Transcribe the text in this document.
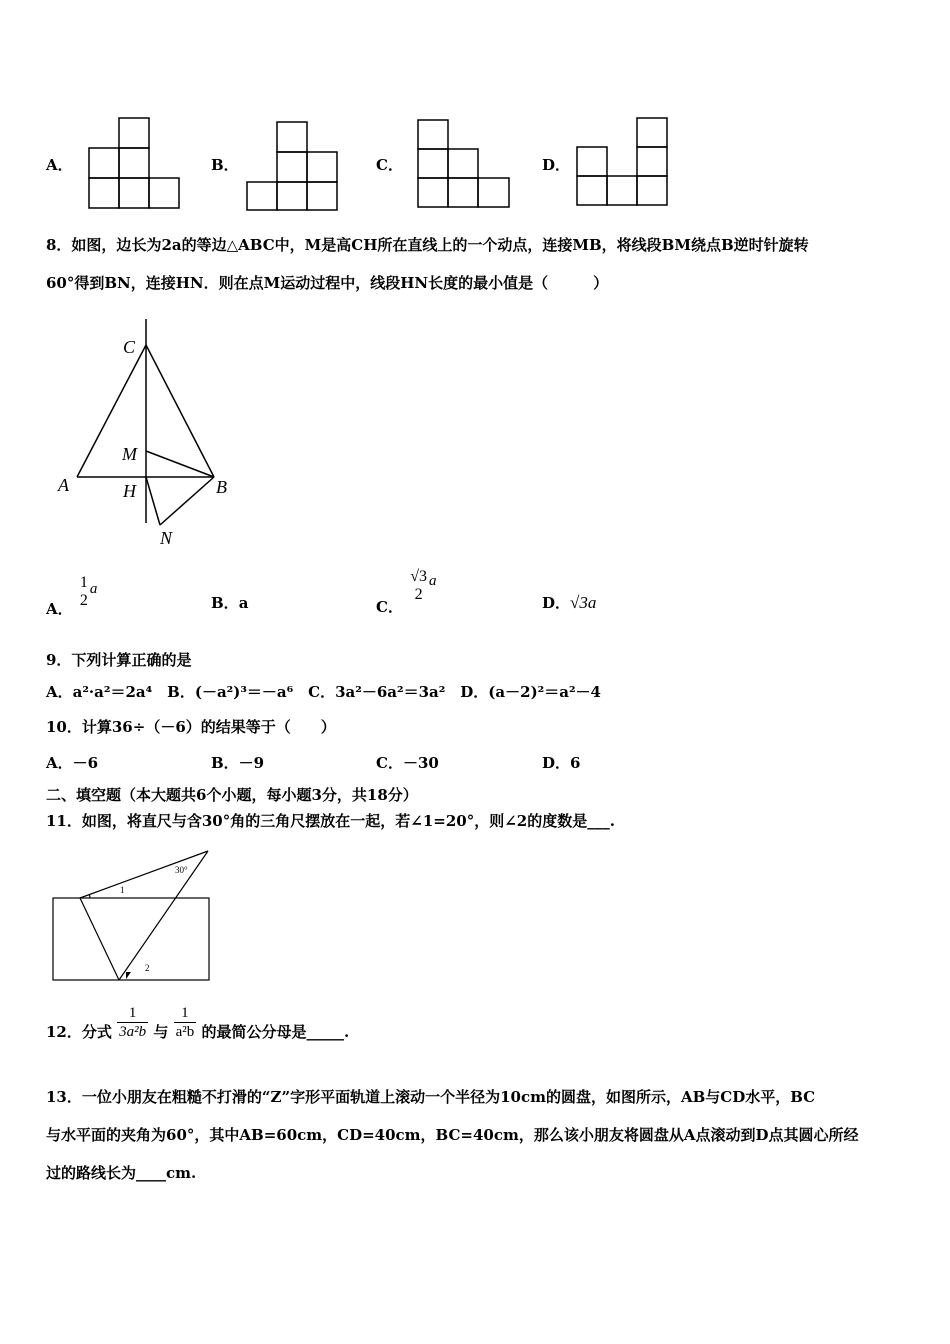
A．	B．	C．	D．
8．如图，边长为2a的等边△ABC中，M是高CH所在直线上的一个动点，连接MB，将线段BM绕点B逆时针旋转
60°得到BN，连接HN．则在点M运动过程中，线段HN长度的最小值是（　　　）
C
M
A	H	B
N
A．
1
2
a
B．a	C．
√3
2
a
D．√3a
9．下列计算正确的是
A．a²·a²＝2a⁴　B．(－a²)³＝－a⁶　C．3a²－6a²＝3a²　D．(a－2)²＝a²－4
10．计算36÷（－6）的结果等于（　　）
A．－6	B．－9	C．－30	D．6
二、填空题（本大题共6个小题，每小题3分，共18分）
11．如图，将直尺与含30°角的三角尺摆放在一起，若∠1=20°，则∠2的度数是___.
30°
1
2
12．分式 $\frac{1}{\text{3a²b}}$ 与 $\frac{1}{\text{a²b}}$ 的最简公分母是_____.
13．一位小朋友在粗糙不打滑的“Z”字形平面轨道上滚动一个半径为10cm的圆盘，如图所示，AB与CD水平，BC
与水平面的夹角为60°，其中AB=60cm，CD=40cm，BC=40cm，那么该小朋友将圆盘从A点滚动到D点其圆心所经
过的路线长为____cm.
